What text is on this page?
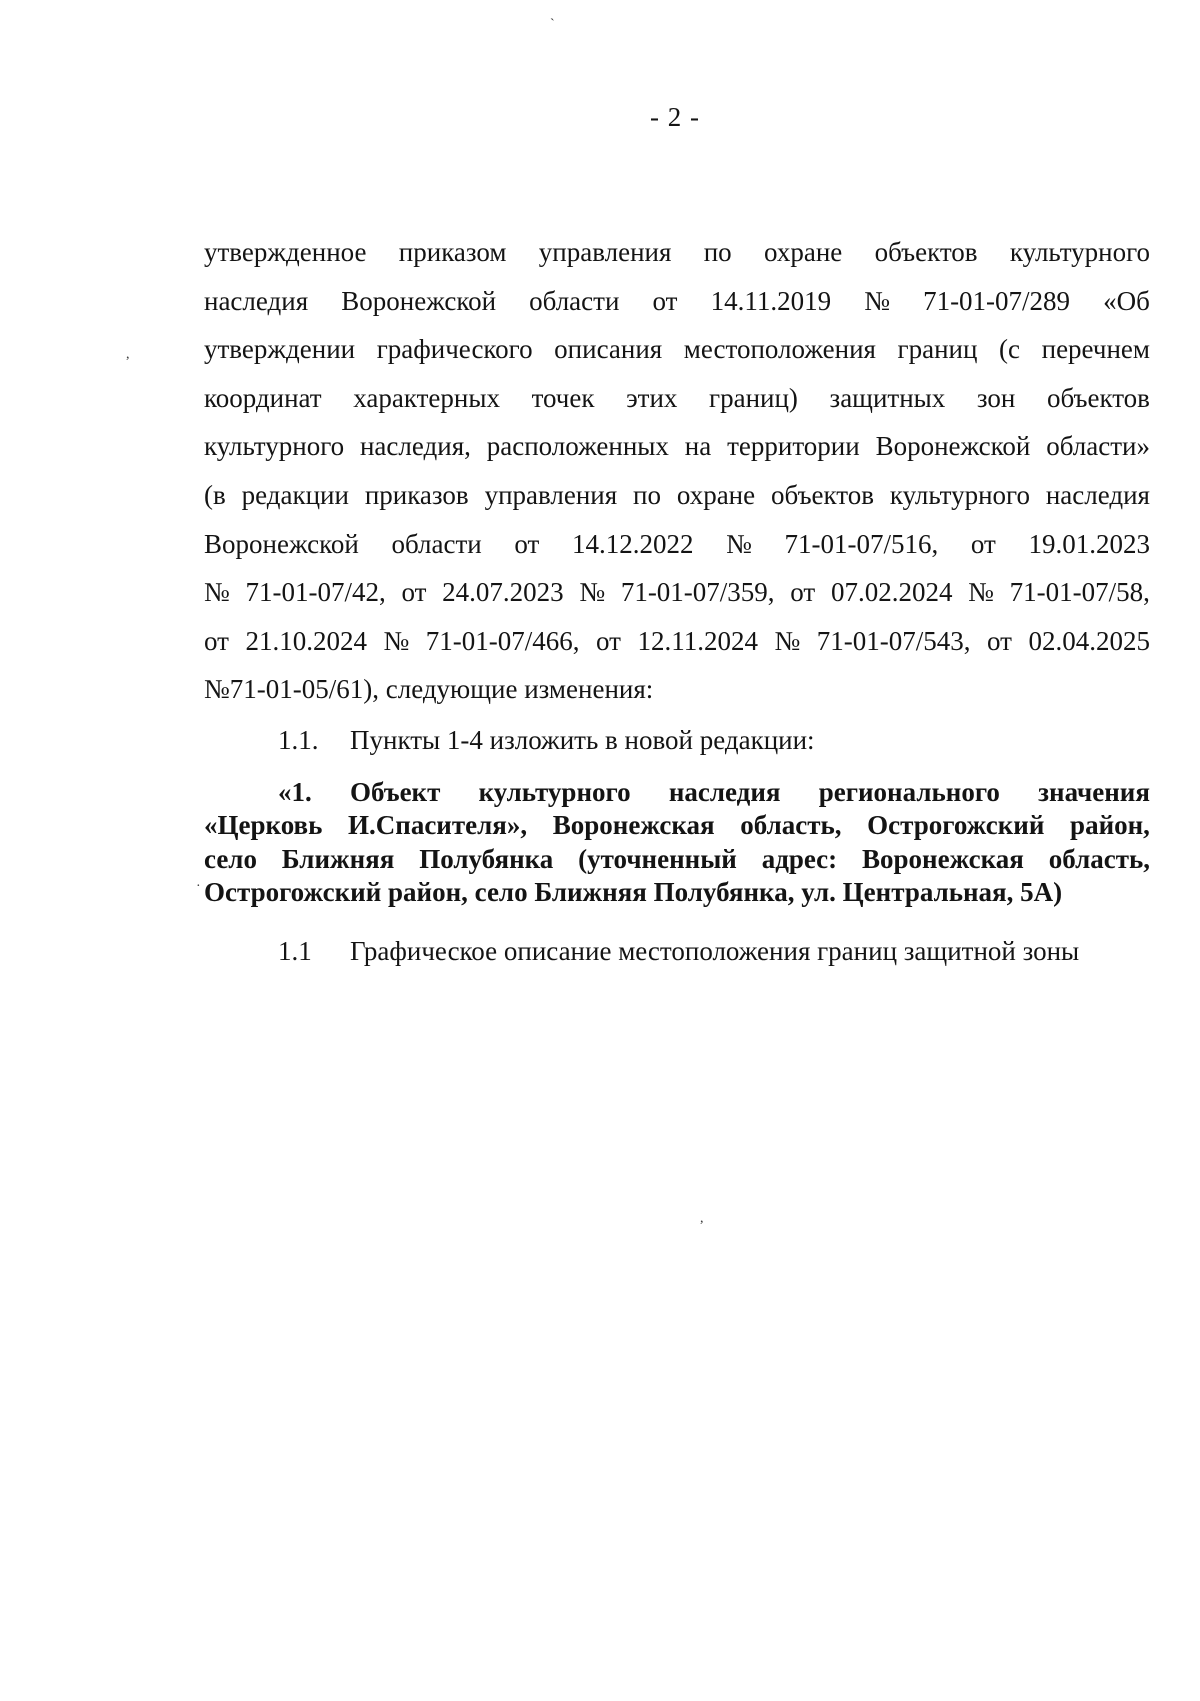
`
,
·
,
- 2 -
утвержденное приказом управления по охране объектов культурного
наследия Воронежской области от 14.11.2019 № 71-01-07/289 «Об
утверждении графического описания местоположения границ (с перечнем
координат характерных точек этих границ) защитных зон объектов
культурного наследия, расположенных на территории Воронежской области»
(в редакции приказов управления по охране объектов культурного наследия
Воронежской области от 14.12.2022 № 71-01-07/516, от 19.01.2023
№ 71-01-07/42, от 24.07.2023 № 71-01-07/359, от 07.02.2024 № 71-01-07/58,
от 21.10.2024 № 71-01-07/466, от 12.11.2024 № 71-01-07/543, от 02.04.2025
№71-01-05/61), следующие изменения:
1.1. Пункты 1-4 изложить в новой редакции:
«1. Объект культурного наследия регионального значения
«Церковь И.Спасителя», Воронежская область, Острогожский район,
село Ближняя Полубянка (уточненный адрес: Воронежская область,
Острогожский район, село Ближняя Полубянка, ул. Центральная, 5А)
1.1 Графическое описание местоположения границ защитной зоны
